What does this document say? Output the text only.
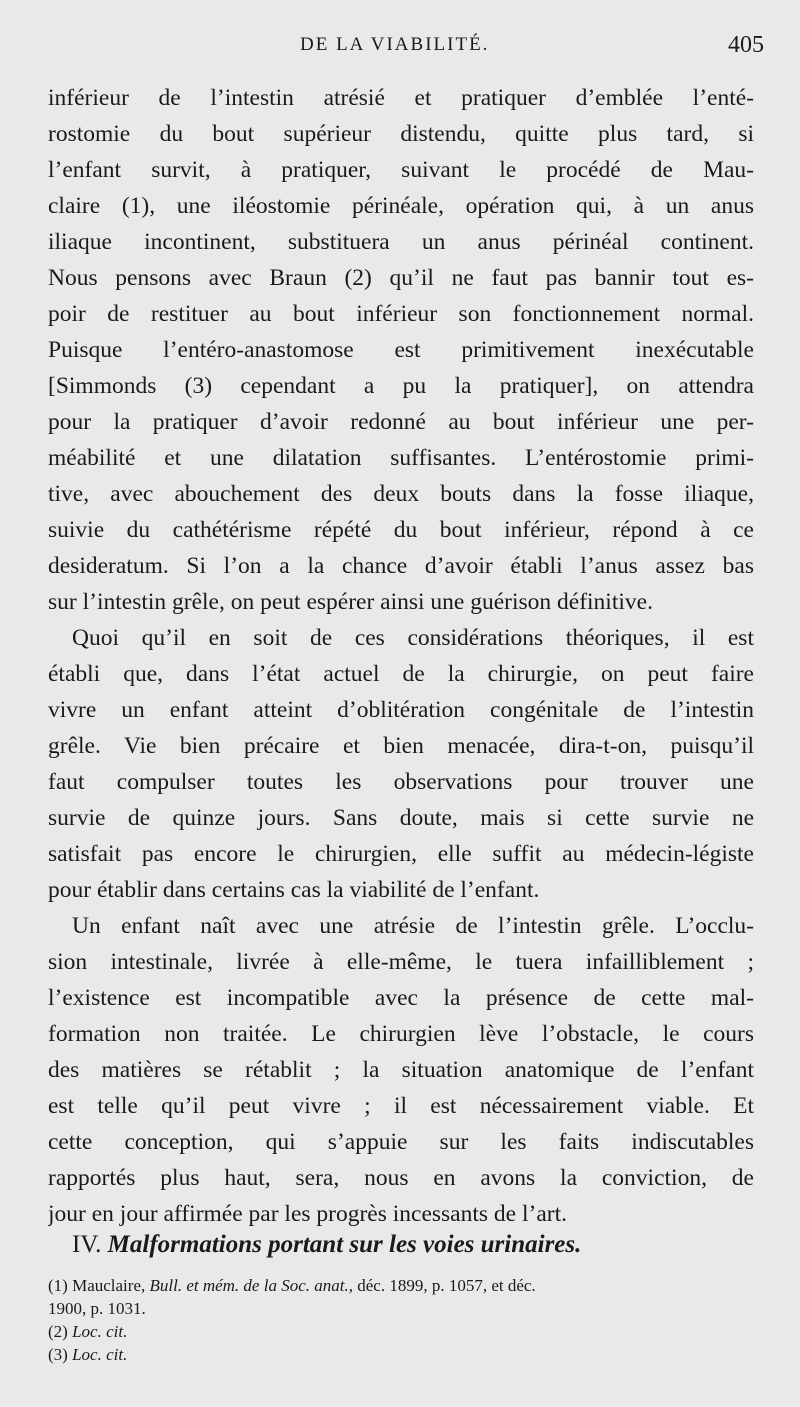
DE LA VIABILITÉ.	405
inférieur de l’intestin atrésié et pratiquer d’emblée l’enté-
rostomie du bout supérieur distendu, quitte plus tard, si
l’enfant survit, à pratiquer, suivant le procédé de Mau-
claire (1), une iléostomie périnéale, opération qui, à un anus
iliaque incontinent, substituera un anus périnéal continent.
Nous pensons avec Braun (2) qu’il ne faut pas bannir tout es-
poir de restituer au bout inférieur son fonctionnement normal.
Puisque l’entéro-anastomose est primitivement inexécutable
[Simmonds (3) cependant a pu la pratiquer], on attendra
pour la pratiquer d’avoir redonné au bout inférieur une per-
méabilité et une dilatation suffisantes. L’entérostomie primi-
tive, avec abouchement des deux bouts dans la fosse iliaque,
suivie du cathétérisme répété du bout inférieur, répond à ce
desideratum. Si l’on a la chance d’avoir établi l’anus assez bas
sur l’intestin grêle, on peut espérer ainsi une guérison définitive.
Quoi qu’il en soit de ces considérations théoriques, il est
établi que, dans l’état actuel de la chirurgie, on peut faire
vivre un enfant atteint d’oblitération congénitale de l’intestin
grêle. Vie bien précaire et bien menacée, dira-t-on, puisqu’il
faut compulser toutes les observations pour trouver une
survie de quinze jours. Sans doute, mais si cette survie ne
satisfait pas encore le chirurgien, elle suffit au médecin-légiste
pour établir dans certains cas la viabilité de l’enfant.
Un enfant naît avec une atrésie de l’intestin grêle. L’occlu-
sion intestinale, livrée à elle-même, le tuera infailliblement ;
l’existence est incompatible avec la présence de cette mal-
formation non traitée. Le chirurgien lève l’obstacle, le cours
des matières se rétablit ; la situation anatomique de l’enfant
est telle qu’il peut vivre ; il est nécessairement viable. Et
cette conception, qui s’appuie sur les faits indiscutables
rapportés plus haut, sera, nous en avons la conviction, de
jour en jour affirmée par les progrès incessants de l’art.
IV. Malformations portant sur les voies urinaires.
(1) Mauclaire, Bull. et mém. de la Soc. anat., déc. 1899, p. 1057, et déc.
1900, p. 1031.
(2) Loc. cit.
(3) Loc. cit.
